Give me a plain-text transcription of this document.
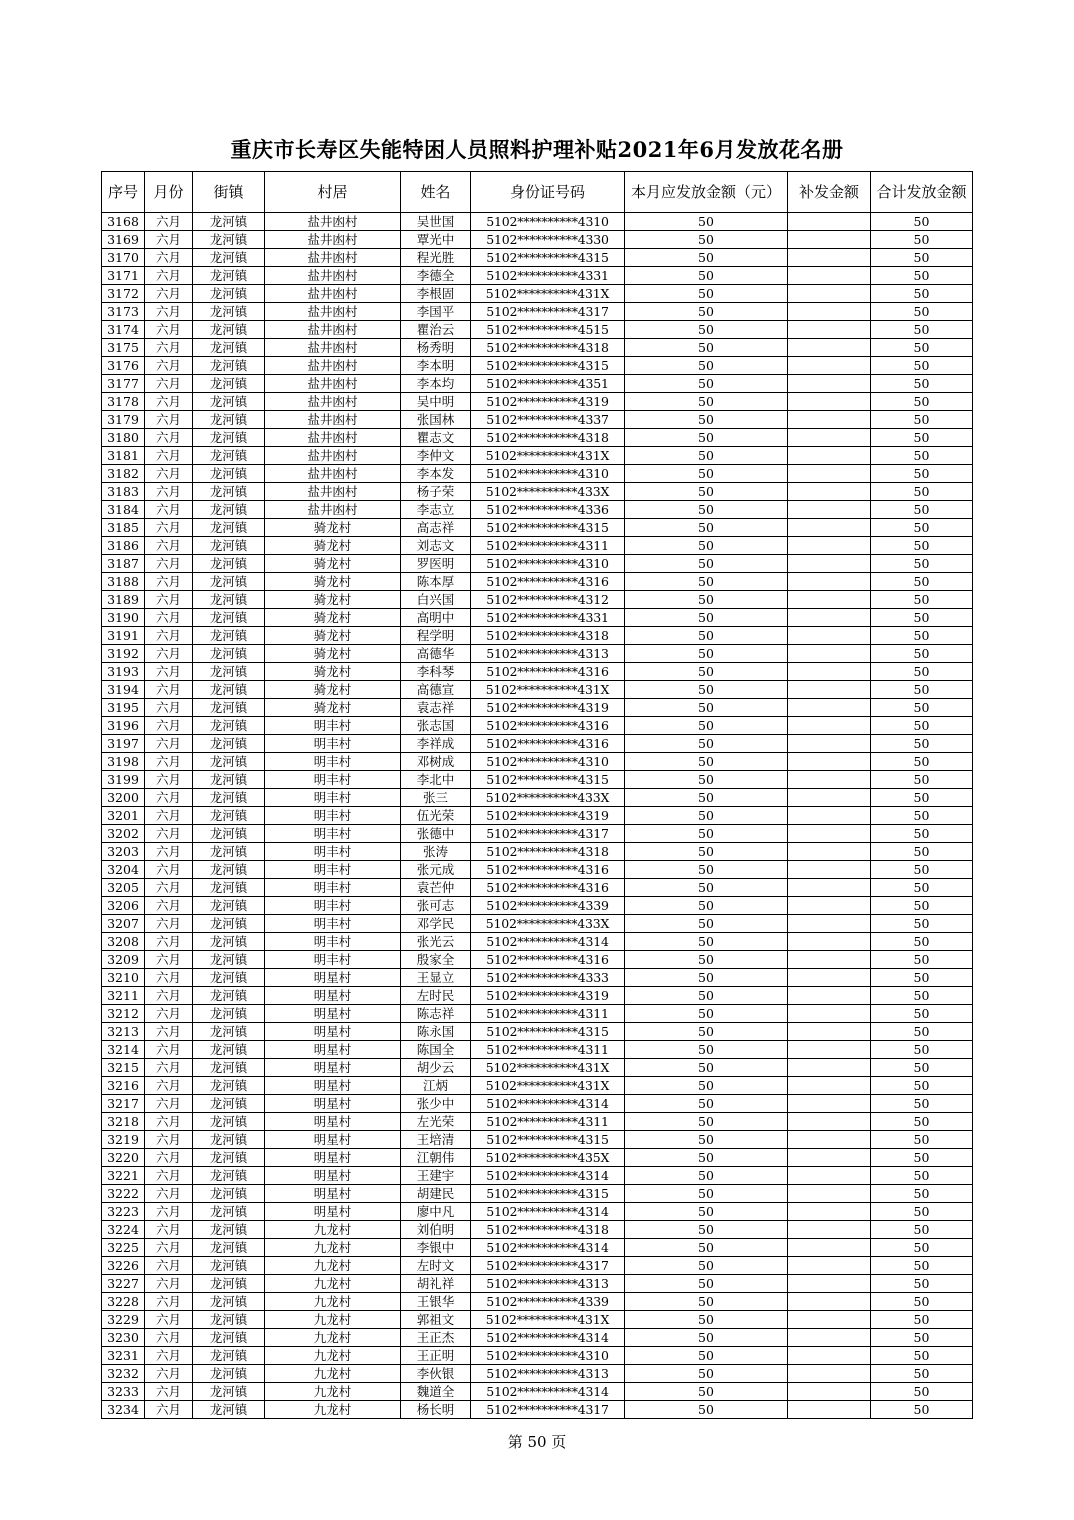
重庆市长寿区失能特困人员照料护理补贴2021年6月发放花名册
序号	月份	街镇	村居	姓名	身份证号码	本月应发放金额（元）	补发金额	合计发放金额
3168	六月	龙河镇	盐井凼村	吴世国	5102**********4310	50		50
3169	六月	龙河镇	盐井凼村	覃光中	5102**********4330	50		50
3170	六月	龙河镇	盐井凼村	程光胜	5102**********4315	50		50
3171	六月	龙河镇	盐井凼村	李德全	5102**********4331	50		50
3172	六月	龙河镇	盐井凼村	李根固	5102**********431X	50		50
3173	六月	龙河镇	盐井凼村	李国平	5102**********4317	50		50
3174	六月	龙河镇	盐井凼村	瞿治云	5102**********4515	50		50
3175	六月	龙河镇	盐井凼村	杨秀明	5102**********4318	50		50
3176	六月	龙河镇	盐井凼村	李本明	5102**********4315	50		50
3177	六月	龙河镇	盐井凼村	李本均	5102**********4351	50		50
3178	六月	龙河镇	盐井凼村	吴中明	5102**********4319	50		50
3179	六月	龙河镇	盐井凼村	张国林	5102**********4337	50		50
3180	六月	龙河镇	盐井凼村	瞿志文	5102**********4318	50		50
3181	六月	龙河镇	盐井凼村	李仲文	5102**********431X	50		50
3182	六月	龙河镇	盐井凼村	李本发	5102**********4310	50		50
3183	六月	龙河镇	盐井凼村	杨子荣	5102**********433X	50		50
3184	六月	龙河镇	盐井凼村	李志立	5102**********4336	50		50
3185	六月	龙河镇	骑龙村	高志祥	5102**********4315	50		50
3186	六月	龙河镇	骑龙村	刘志文	5102**********4311	50		50
3187	六月	龙河镇	骑龙村	罗医明	5102**********4310	50		50
3188	六月	龙河镇	骑龙村	陈本厚	5102**********4316	50		50
3189	六月	龙河镇	骑龙村	白兴国	5102**********4312	50		50
3190	六月	龙河镇	骑龙村	高明中	5102**********4331	50		50
3191	六月	龙河镇	骑龙村	程学明	5102**********4318	50		50
3192	六月	龙河镇	骑龙村	高德华	5102**********4313	50		50
3193	六月	龙河镇	骑龙村	李科琴	5102**********4316	50		50
3194	六月	龙河镇	骑龙村	高德宣	5102**********431X	50		50
3195	六月	龙河镇	骑龙村	袁志祥	5102**********4319	50		50
3196	六月	龙河镇	明丰村	张志国	5102**********4316	50		50
3197	六月	龙河镇	明丰村	李祥成	5102**********4316	50		50
3198	六月	龙河镇	明丰村	邓树成	5102**********4310	50		50
3199	六月	龙河镇	明丰村	李北中	5102**********4315	50		50
3200	六月	龙河镇	明丰村	张三	5102**********433X	50		50
3201	六月	龙河镇	明丰村	伍光荣	5102**********4319	50		50
3202	六月	龙河镇	明丰村	张德中	5102**********4317	50		50
3203	六月	龙河镇	明丰村	张涛	5102**********4318	50		50
3204	六月	龙河镇	明丰村	张元成	5102**********4316	50		50
3205	六月	龙河镇	明丰村	袁芒仲	5102**********4316	50		50
3206	六月	龙河镇	明丰村	张可志	5102**********4339	50		50
3207	六月	龙河镇	明丰村	邓学民	5102**********433X	50		50
3208	六月	龙河镇	明丰村	张光云	5102**********4314	50		50
3209	六月	龙河镇	明丰村	殷家全	5102**********4316	50		50
3210	六月	龙河镇	明星村	王显立	5102**********4333	50		50
3211	六月	龙河镇	明星村	左时民	5102**********4319	50		50
3212	六月	龙河镇	明星村	陈志祥	5102**********4311	50		50
3213	六月	龙河镇	明星村	陈永国	5102**********4315	50		50
3214	六月	龙河镇	明星村	陈国全	5102**********4311	50		50
3215	六月	龙河镇	明星村	胡少云	5102**********431X	50		50
3216	六月	龙河镇	明星村	江炳	5102**********431X	50		50
3217	六月	龙河镇	明星村	张少中	5102**********4314	50		50
3218	六月	龙河镇	明星村	左光荣	5102**********4311	50		50
3219	六月	龙河镇	明星村	王培清	5102**********4315	50		50
3220	六月	龙河镇	明星村	江朝伟	5102**********435X	50		50
3221	六月	龙河镇	明星村	王建宇	5102**********4314	50		50
3222	六月	龙河镇	明星村	胡建民	5102**********4315	50		50
3223	六月	龙河镇	明星村	廖中凡	5102**********4314	50		50
3224	六月	龙河镇	九龙村	刘伯明	5102**********4318	50		50
3225	六月	龙河镇	九龙村	李银中	5102**********4314	50		50
3226	六月	龙河镇	九龙村	左时文	5102**********4317	50		50
3227	六月	龙河镇	九龙村	胡礼祥	5102**********4313	50		50
3228	六月	龙河镇	九龙村	王银华	5102**********4339	50		50
3229	六月	龙河镇	九龙村	郭祖文	5102**********431X	50		50
3230	六月	龙河镇	九龙村	王正杰	5102**********4314	50		50
3231	六月	龙河镇	九龙村	王正明	5102**********4310	50		50
3232	六月	龙河镇	九龙村	李伙银	5102**********4313	50		50
3233	六月	龙河镇	九龙村	魏道全	5102**********4314	50		50
3234	六月	龙河镇	九龙村	杨长明	5102**********4317	50		50
第 50 页
